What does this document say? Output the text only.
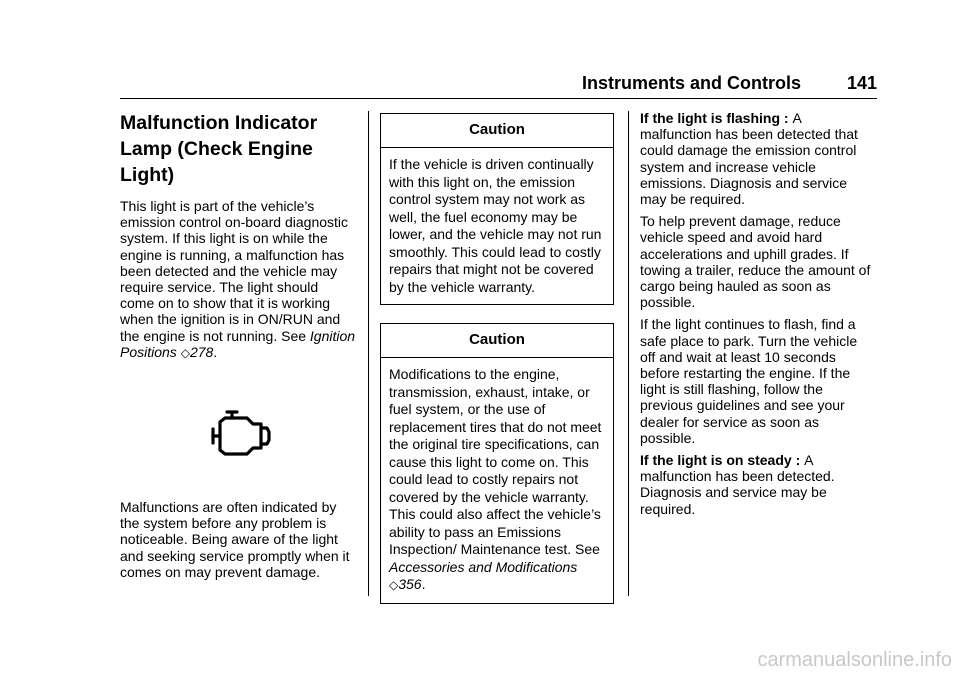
Instruments and Controls	141
Malfunction Indicator Lamp (Check Engine Light)

This light is part of the vehicle’s emission control on-board diagnostic system. If this light is on while the engine is running, a malfunction has been detected and the vehicle may require service. The light should come on to show that it is working when the ignition is in ON/RUN and the engine is not running. See Ignition Positions ◇278.

Malfunctions are often indicated by the system before any problem is noticeable. Being aware of the light and seeking service promptly when it comes on may prevent damage.

Caution
If the vehicle is driven continually with this light on, the emission control system may not work as well, the fuel economy may be lower, and the vehicle may not run smoothly. This could lead to costly repairs that might not be covered by the vehicle warranty.
Caution
Modifications to the engine, transmission, exhaust, intake, or fuel system, or the use of replacement tires that do not meet the original tire specifications, can cause this light to come on. This could lead to costly repairs not covered by the vehicle warranty. This could also affect the vehicle’s ability to pass an Emissions Inspection/ Maintenance test. See Accessories and Modifications ◇356.

If the light is flashing : A malfunction has been detected that could damage the emission control system and increase vehicle emissions. Diagnosis and service may be required.

To help prevent damage, reduce vehicle speed and avoid hard accelerations and uphill grades. If towing a trailer, reduce the amount of cargo being hauled as soon as possible.

If the light continues to flash, find a safe place to park. Turn the vehicle off and wait at least 10 seconds before restarting the engine. If the light is still flashing, follow the previous guidelines and see your dealer for service as soon as possible.

If the light is on steady : A malfunction has been detected. Diagnosis and service may be required.

carmanualsonline.info
